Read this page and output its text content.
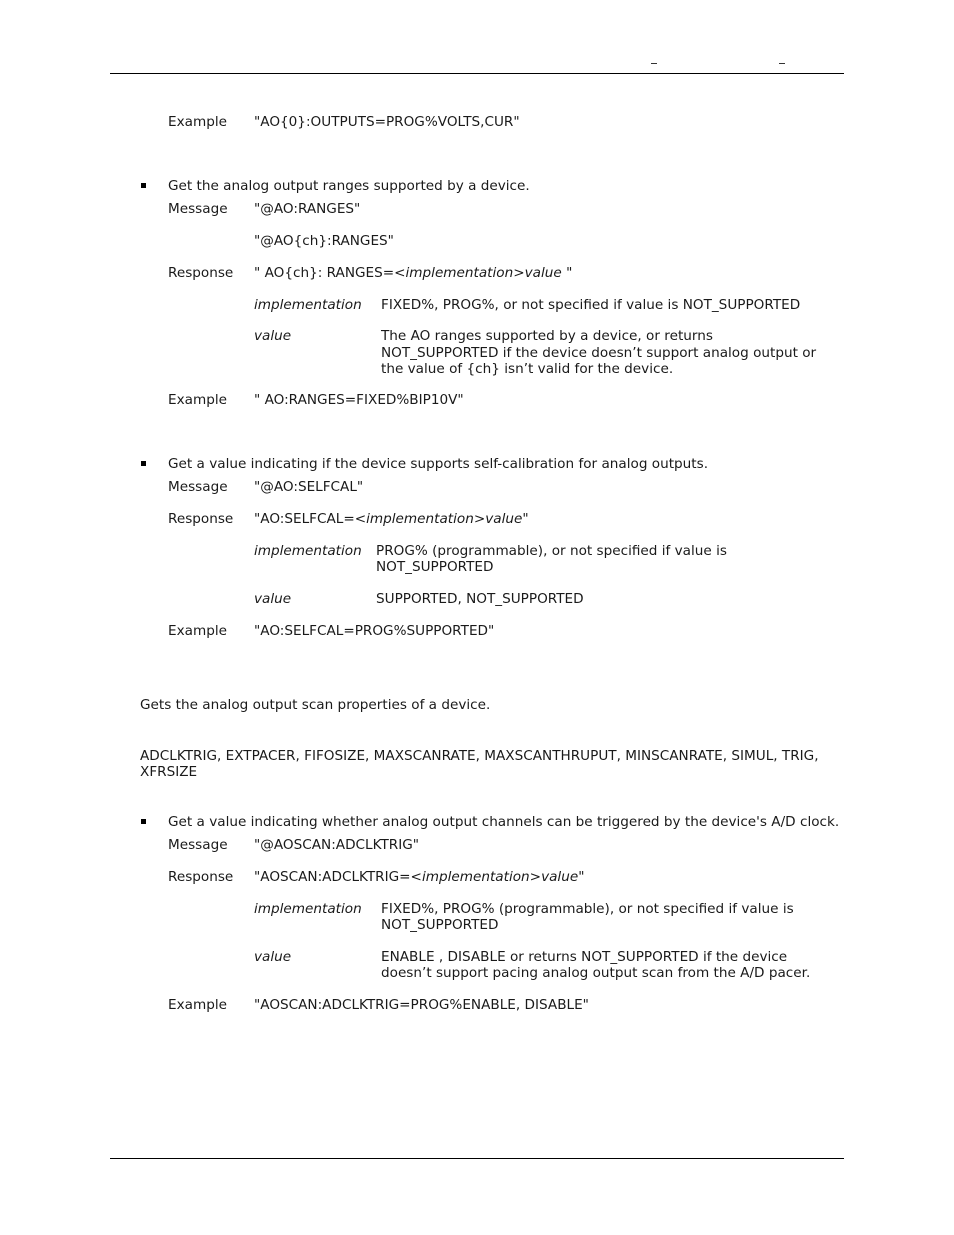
Example "AO{0}:OUTPUTS=PROG%VOLTS,CUR"
Get the analog output ranges supported by a device.
Message "@AO:RANGES"
"@AO{ch}:RANGES"
Response " AO{ch}: RANGES=<implementation>value "
implementation FIXED%, PROG%, or not specified if value is NOT_SUPPORTED
value	The AO ranges supported by a device, or returns
NOT_SUPPORTED if the device doesn’t support analog output or
the value of {ch} isn’t valid for the device.
Example " AO:RANGES=FIXED%BIP10V"
Get a value indicating if the device supports self-calibration for analog outputs.
Message "@AO:SELFCAL"
Response "AO:SELFCAL=<implementation>value"
implementation PROG% (programmable), or not specified if value is
NOT_SUPPORTED
value	SUPPORTED, NOT_SUPPORTED
Example "AO:SELFCAL=PROG%SUPPORTED"
Gets the analog output scan properties of a device.
ADCLKTRIG, EXTPACER, FIFOSIZE, MAXSCANRATE, MAXSCANTHRUPUT, MINSCANRATE, SIMUL, TRIG,
XFRSIZE
Get a value indicating whether analog output channels can be triggered by the device's A/D clock.
Message "@AOSCAN:ADCLKTRIG"
Response "AOSCAN:ADCLKTRIG=<implementation>value"
implementation FIXED%, PROG% (programmable), or not specified if value is
NOT_SUPPORTED
value	ENABLE , DISABLE or returns NOT_SUPPORTED if the device
doesn’t support pacing analog output scan from the A/D pacer.
Example "AOSCAN:ADCLKTRIG=PROG%ENABLE, DISABLE"
